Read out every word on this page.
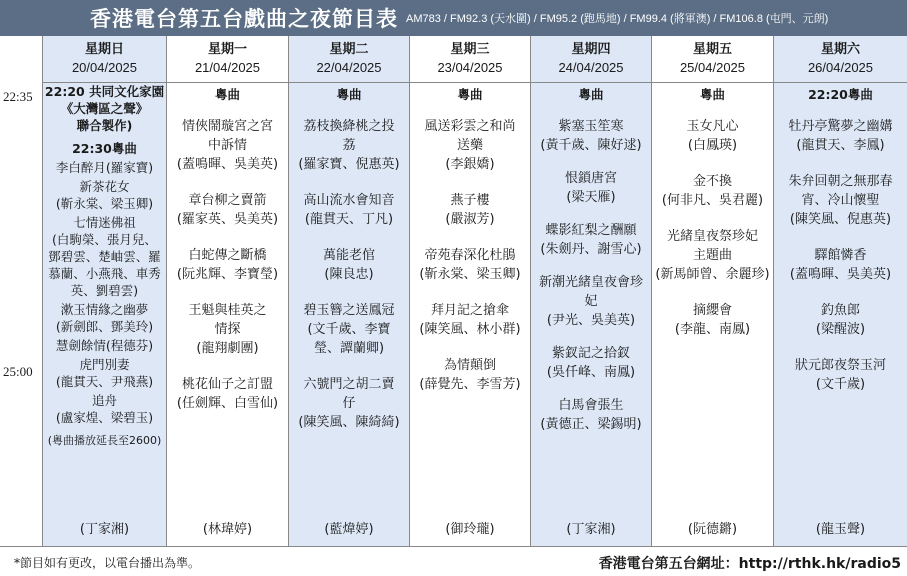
香港電台第五台戲曲之夜節目表 AM783 / FM92.3 (天水圍) / FM95.2 (跑馬地) / FM99.4 (將軍澳) / FM106.8 (屯門、元朗)
22:35
25:00
星期日
20/04/2025
22:20 共同文化家園
《大灣區之聲》
聯合製作)
22:30粵曲
李白醉月(羅家寶)
新茶花女
(靳永棠、梁玉卿)
七情迷佛祖
(白駒榮、張月兒、鄧碧雲、楚岫雲、羅慕蘭、小燕飛、車秀英、劉碧雲)
漱玉情緣之幽夢
(新劍郎、鄧美玲)
慧劍餘情(程德芬)
虎門別妻
(龍貫天、尹飛燕)
追舟
(盧家煌、梁碧玉)
(粵曲播放延長至2600)
(丁家湘)
星期一
21/04/2025
粵曲
情俠鬧璇宮之宮中訴情
(蓋鳴暉、吳美英)
章台柳之賣箭
(羅家英、吳美英)
白蛇傳之斷橋
(阮兆輝、李寶瑩)
王魁與桂英之情探
(龍翔劇團)
桃花仙子之訂盟
(任劍輝、白雪仙)
(林瑋婷)
星期二
22/04/2025
粵曲
荔枝換絳桃之投荔
(羅家寶、倪惠英)
高山流水會知音
(龍貫天、丁凡)
萬能老倌
(陳良忠)
碧玉簪之送鳳冠
(文千歲、李寶瑩、譚蘭卿)
六號門之胡二賣仔
(陳笑風、陳綺綺)
(藍煒婷)
星期三
23/04/2025
粵曲
風送彩雲之和尚送藥
(李銀嬌)
燕子樓
(嚴淑芳)
帝苑春深化杜鵑
(靳永棠、梁玉卿)
拜月記之搶傘
(陳笑風、林小群)
為情顛倒
(薛覺先、李雪芳)
(御玲瓏)
星期四
24/04/2025
粵曲
紫塞玉笙寒
(黃千歲、陳好逑)
恨鎖唐宮
(梁天雁)
蝶影紅梨之酬願
(朱劍丹、謝雪心)
新潮光緒皇夜會珍妃
(尹光、吳美英)
紫釵記之拾釵
(吳仟峰、南鳳)
白馬會張生
(黃德正、梁錫明)
(丁家湘)
星期五
25/04/2025
粵曲
玉女凡心
(白鳳瑛)
金不換
(何非凡、吳君麗)
光緒皇夜祭珍妃主題曲
(新馬師曾、余麗珍)
摘纓會
(李龍、南鳳)
(阮德鏘)
星期六
26/04/2025
22:20粵曲
牡丹亭驚夢之幽媾
(龍貫天、李鳳)
朱弁回朝之無那春宵、冷山懷聖
(陳笑風、倪惠英)
驛館憐香
(蓋鳴暉、吳美英)
釣魚郎
(梁醒波)
狀元郎夜祭玉河
(文千歲)
(龍玉聲)
*節目如有更改，以電台播出為準。	香港電台第五台網址：http://rthk.hk/radio5
